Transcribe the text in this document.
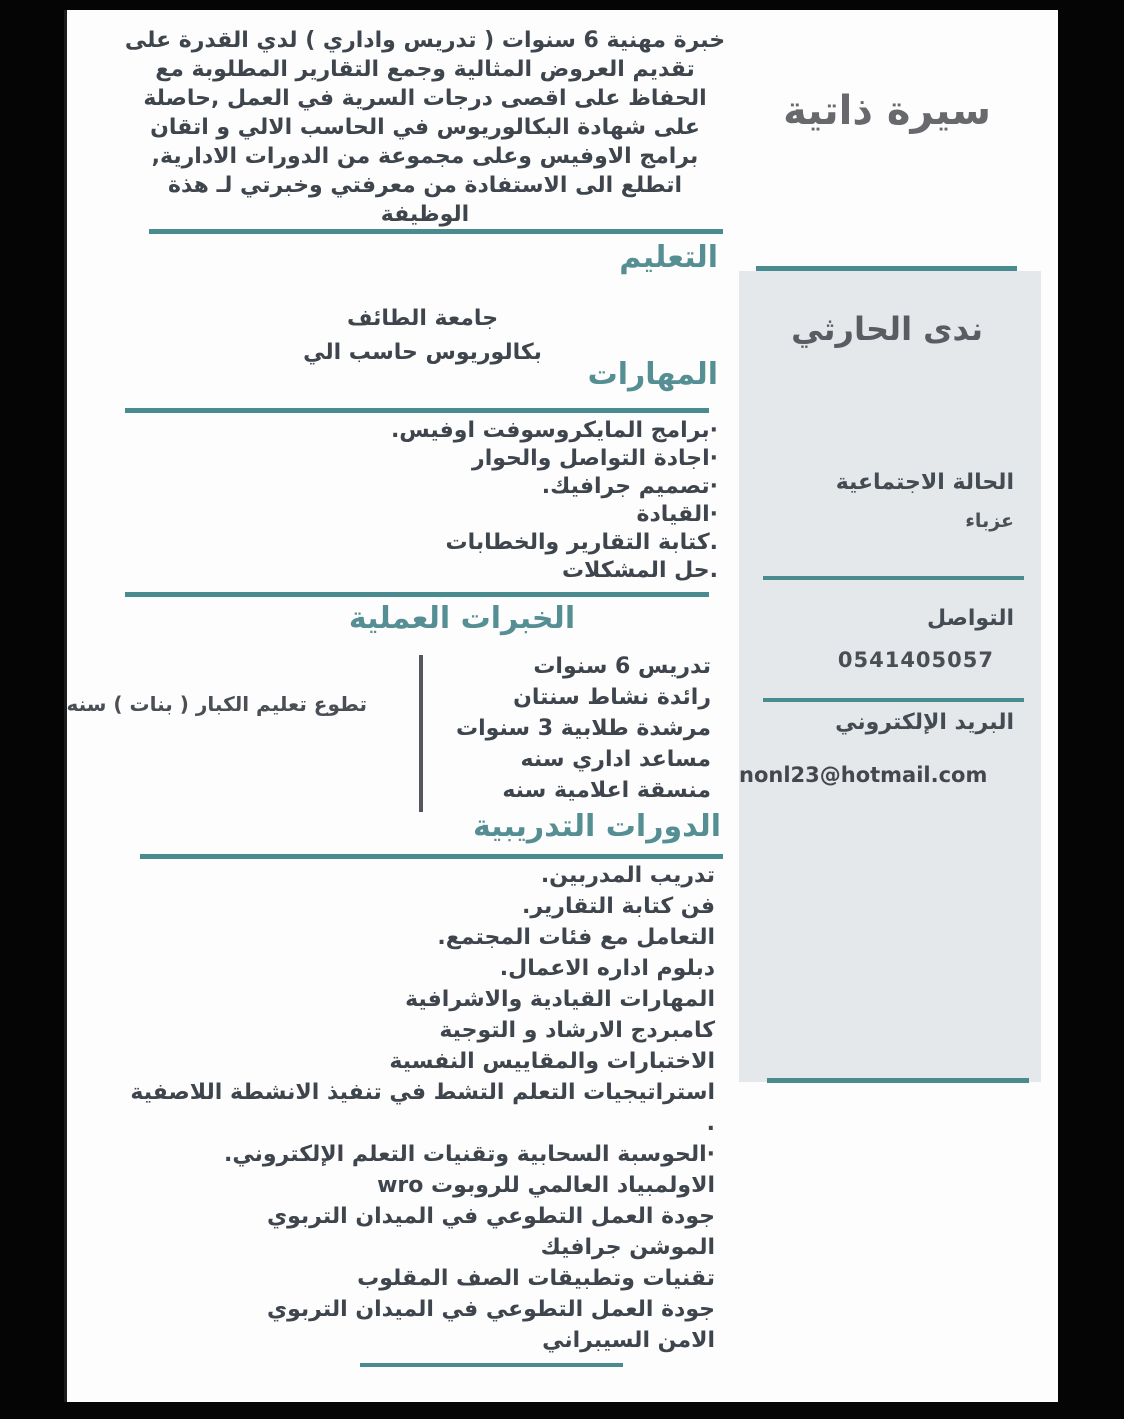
خبرة مهنية 6 سنوات ( تدريس واداري ) لدي القدرة على تقديم العروض المثالية وجمع التقارير المطلوبة مع الحفاظ على اقصى درجات السرية في العمل ,حاصلة على شهادة البكالوريوس في الحاسب الالي و اتقان برامج الاوفيس وعلى مجموعة من الدورات الادارية, اتطلع الى الاستفادة من معرفتي وخبرتي لـ هذة الوظيفة
التعليم
جامعة الطائف
بكالوريوس حاسب الي
المهارات
·برامج المايكروسوفت اوفيس.
·اجادة التواصل والحوار
·تصميم جرافيك.
·القيادة
.كتابة التقارير والخطابات
.حل المشكلات
الخبرات العملية
تدريس 6 سنوات
رائدة نشاط سنتان
مرشدة طلابية 3 سنوات
مساعد اداري سنه
منسقة اعلامية سنه
تطوع تعليم الكبار ( بنات ) سنه
الدورات التدريبية
تدريب المدربين.
فن كتابة التقارير.
التعامل مع فئات المجتمع.
دبلوم اداره الاعمال.
المهارات القيادية والاشرافية
كامبردج الارشاد و التوجية
الاختبارات والمقاييس النفسية
استراتيجيات التعلم التشط في تنفيذ الانشطة اللاصفية .
·الحوسبة السحابية وتقنيات التعلم الإلكتروني.
الاولمبياد العالمي للروبوت wro
جودة العمل التطوعي في الميدان التربوي
الموشن جرافيك
تقنيات وتطبيقات الصف المقلوب
جودة العمل التطوعي في الميدان التربوي
الامن السيبراني
سيرة ذاتية
ندى الحارثي
الحالة الاجتماعية
عزباء
التواصل
0541405057
البريد الإلكتروني
nonl23@hotmail.com
